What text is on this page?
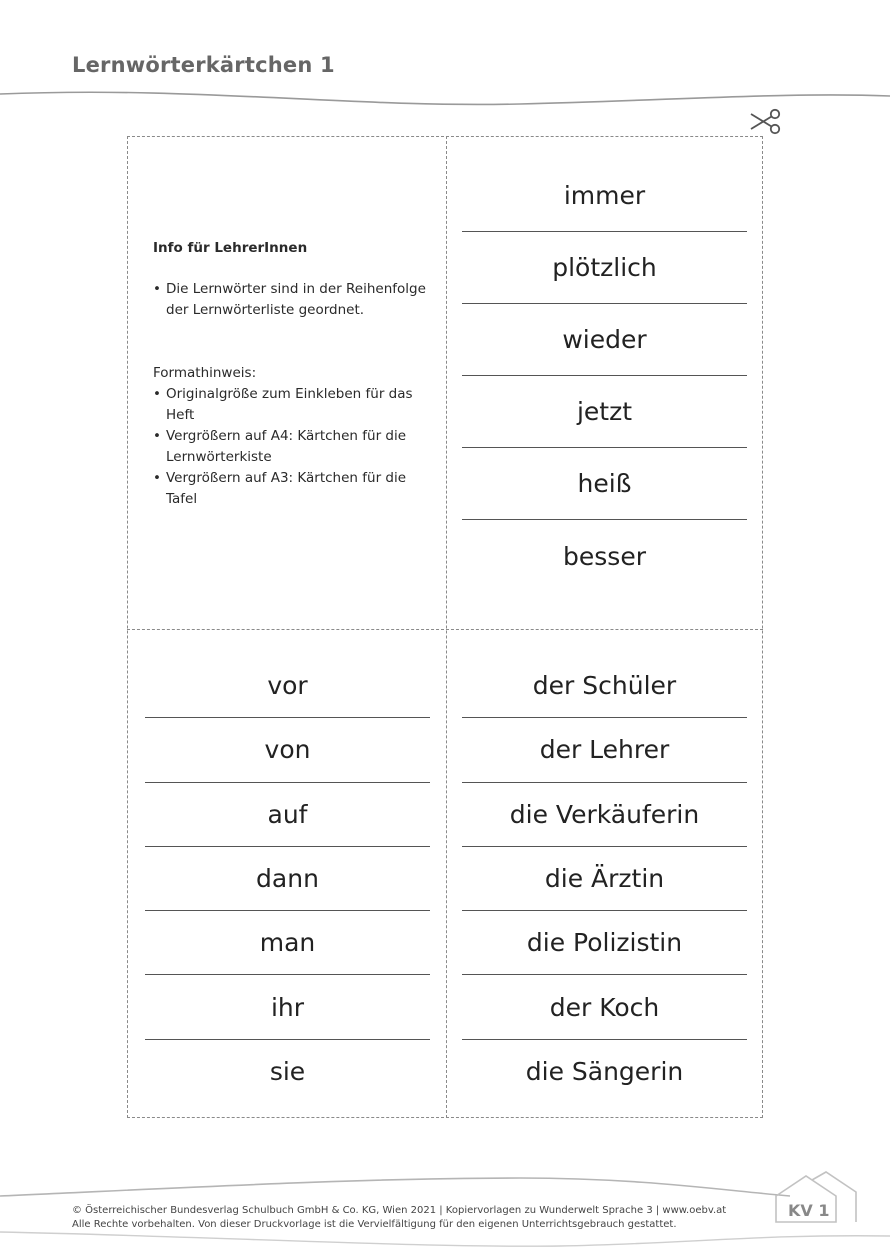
Lernwörterkärtchen 1
Info für LehrerInnen
• Die Lernwörter sind in der Reihenfolge der Lernwörterliste geordnet.
Formathinweis:
• Originalgröße zum Einkleben für das Heft
• Vergrößern auf A4: Kärtchen für die Lernwörterkiste
• Vergrößern auf A3: Kärtchen für die Tafel
immer
plötzlich
wieder
jetzt
heiß
besser
vor
von
auf
dann
man
ihr
sie
der Schüler
der Lehrer
die Verkäuferin
die Ärztin
die Polizistin
der Koch
die Sängerin
© Österreichischer Bundesverlag Schulbuch GmbH & Co. KG, Wien 2021 | Kopiervorlagen zu Wunderwelt Sprache 3 | www.oebv.at
Alle Rechte vorbehalten. Von dieser Druckvorlage ist die Vervielfältigung für den eigenen Unterrichtsgebrauch gestattet.
KV 1
